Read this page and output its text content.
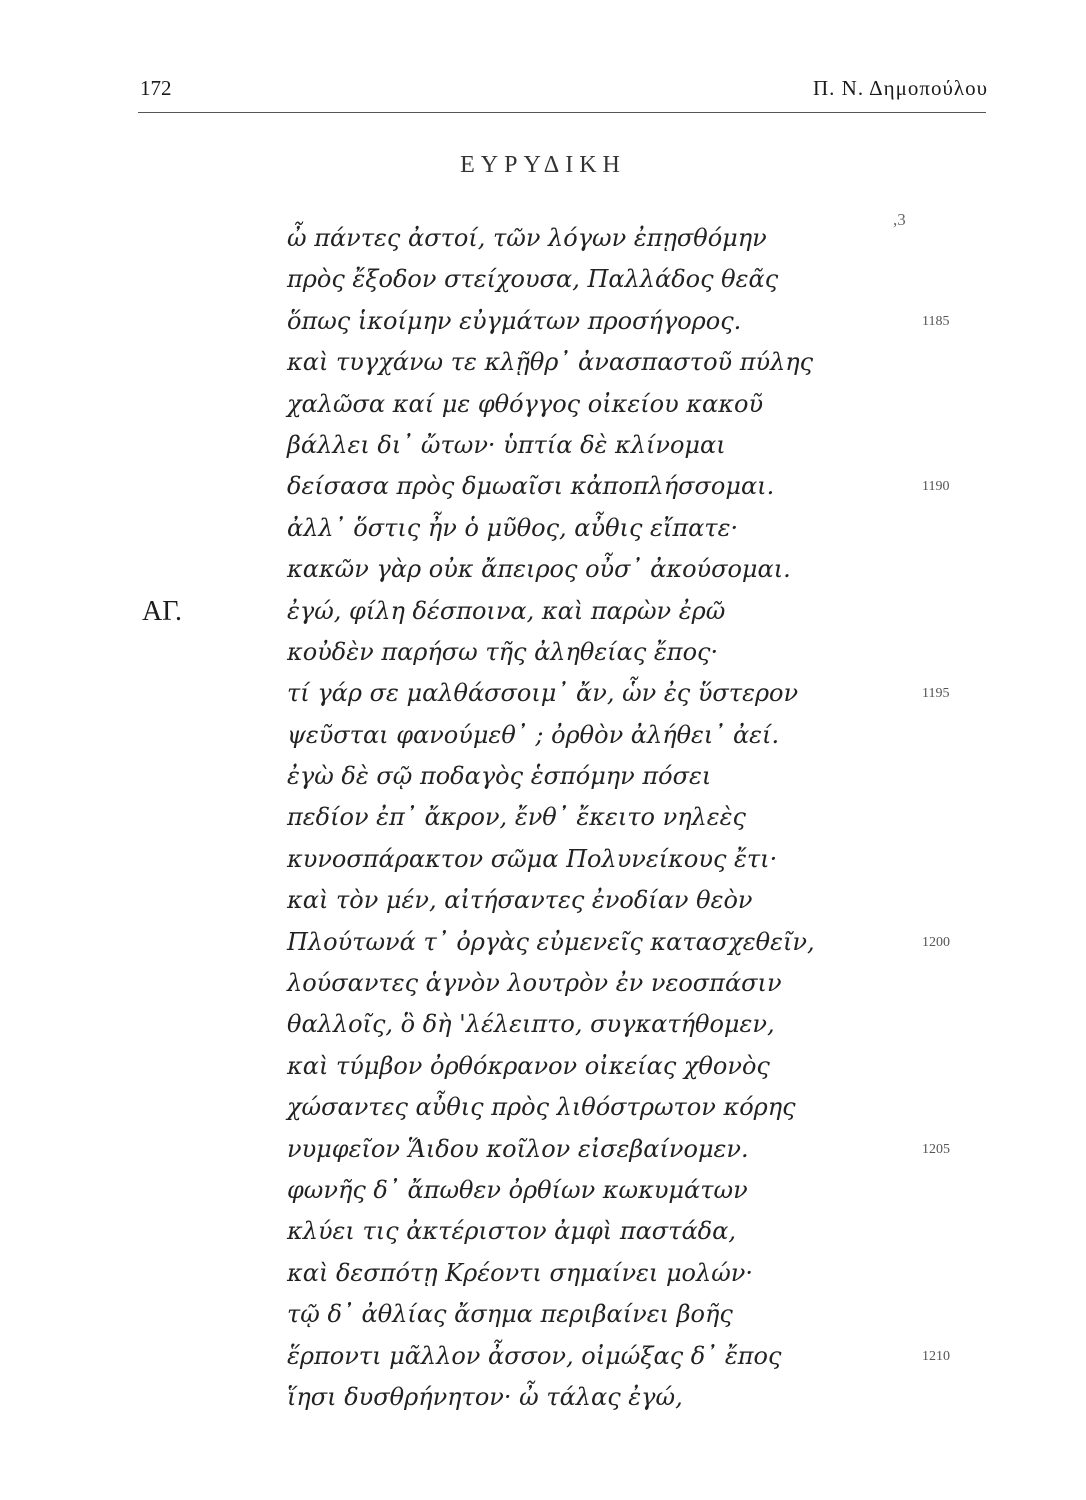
172	Π. Ν. Δημοπούλου
ΕΥΡΥΔΙΚΗ
,3
ὦ πάντες ἀστοί, τῶν λόγων ἐπῃσθόμην
πρὸς ἔξοδον στείχουσα, Παλλάδος θεᾶς
ὅπως ἱκοίμην εὐγμάτων προσήγορος.	1185
καὶ τυγχάνω τε κλῇθρ᾽ ἀνασπαστοῦ πύλης
χαλῶσα καί με φθόγγος οἰκείου κακοῦ
βάλλει δι᾽ ὤτων· ὑπτία δὲ κλίνομαι
δείσασα πρὸς δμωαῖσι κἀποπλήσσομαι.	1190
ἀλλ᾽ ὅστις ἦν ὁ μῦθος, αὖθις εἴπατε·
κακῶν γὰρ οὐκ ἄπειρος οὖσ᾽ ἀκούσομαι.
ΑΓ.	ἐγώ, φίλη δέσποινα, καὶ παρὼν ἐρῶ
κοὐδὲν παρήσω τῆς ἀληθείας ἔπος·
τί γάρ σε μαλθάσσοιμ᾽ ἄν, ὧν ἐς ὕστερον	1195
ψεῦσται φανούμεθ᾽ ; ὀρθὸν ἀλήθει᾽ ἀεί.
ἐγὼ δὲ σῷ ποδαγὸς ἑσπόμην πόσει
πεδίον ἐπ᾽ ἄκρον, ἔνθ᾽ ἔκειτο νηλεὲς
κυνοσπάρακτον σῶμα Πολυνείκους ἔτι·
καὶ τὸν μέν, αἰτήσαντες ἐνοδίαν θεὸν
Πλούτωνά τ᾽ ὀργὰς εὐμενεῖς κατασχεθεῖν,	1200
λούσαντες ἁγνὸν λουτρὸν ἐν νεοσπάσιν
θαλλοῖς, ὃ δὴ 'λέλειπτο, συγκατήθομεν,
καὶ τύμβον ὀρθόκρανον οἰκείας χθονὸς
χώσαντες αὖθις πρὸς λιθόστρωτον κόρης
νυμφεῖον Ἅιδου κοῖλον εἰσεβαίνομεν.	1205
φωνῆς δ᾽ ἄπωθεν ὀρθίων κωκυμάτων
κλύει τις ἀκτέριστον ἀμφὶ παστάδα,
καὶ δεσπότῃ Κρέοντι σημαίνει μολών·
τῷ δ᾽ ἀθλίας ἄσημα περιβαίνει βοῆς
ἕρποντι μᾶλλον ἆσσον, οἰμώξας δ᾽ ἔπος	1210
ἵησι δυσθρήνητον· ὦ τάλας ἐγώ,
